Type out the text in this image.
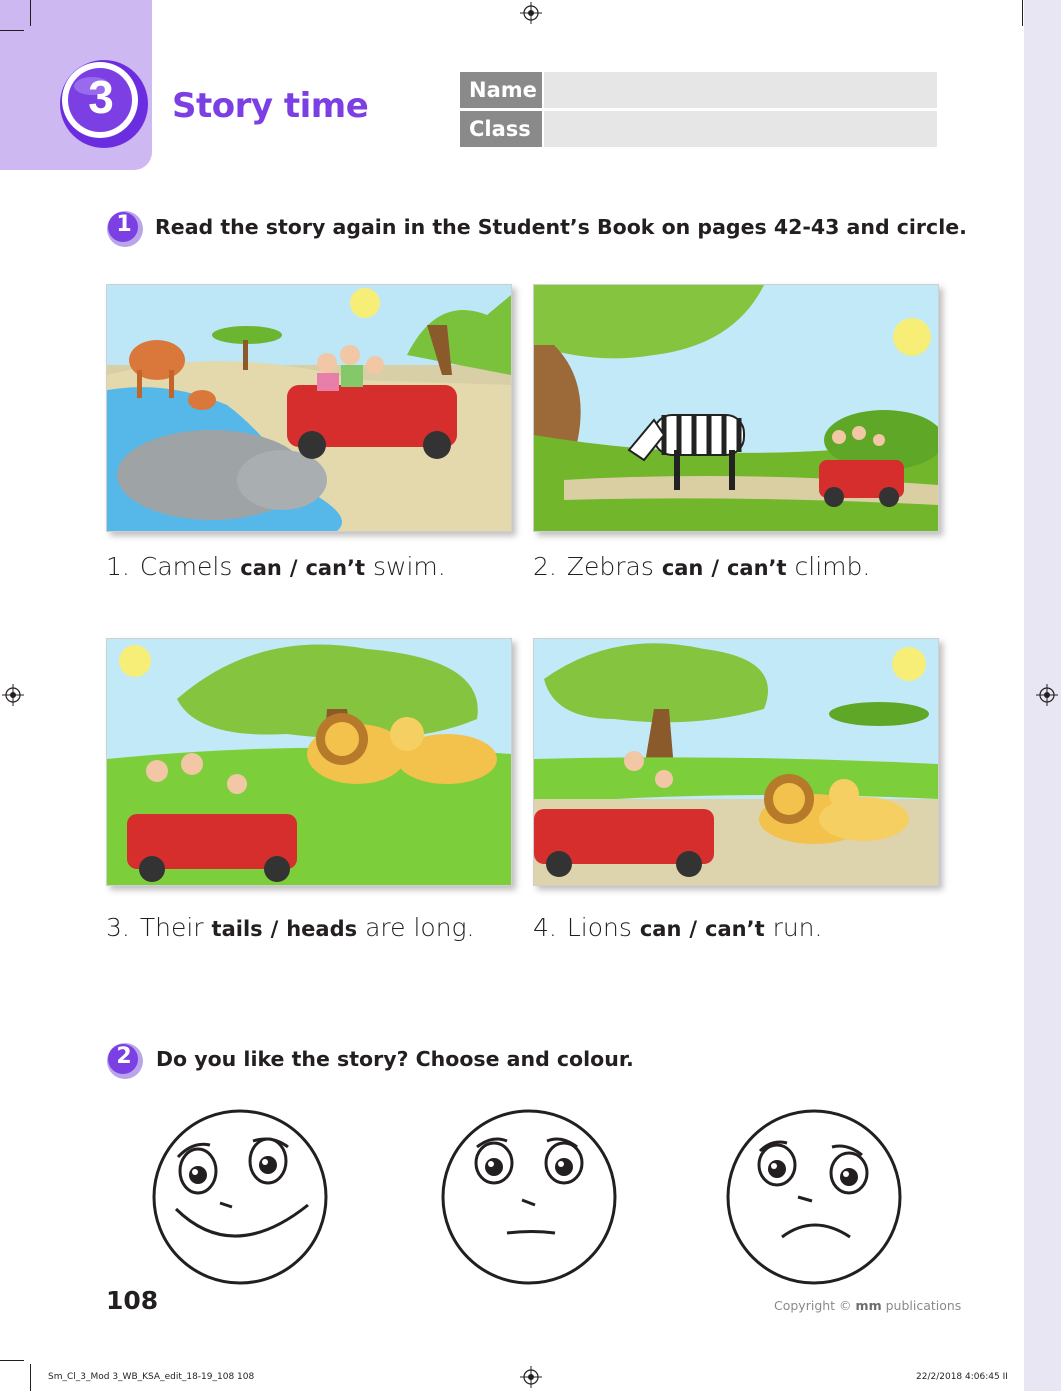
3 Story time	Name
Class
1	Read the story again in the Student’s Book on pages 42-43 and circle.
1. Camels can / can’t swim.	2. Zebras can / can’t climb.
3. Their tails / heads are long. 4. Lions can / can’t run.
2	Do you like the story? Choose and colour.
108	Copyright © mm publications
Sm_Cl_3_Mod 3_WB_KSA_edit_18-19_108 108	22/2/2018 4:06:45 ΙΙ
